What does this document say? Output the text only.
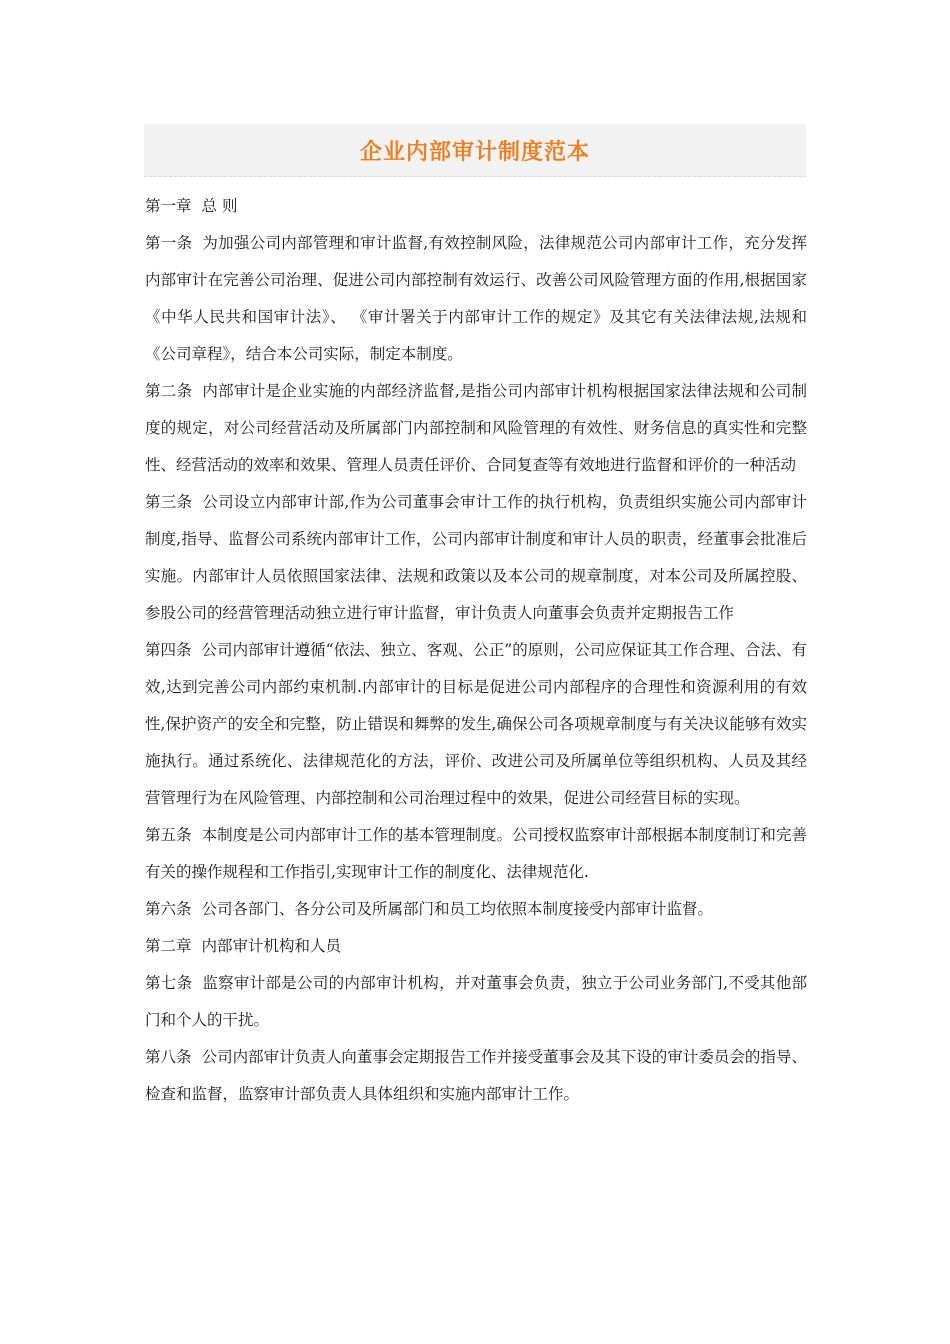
企业内部审计制度范本

第一章 总 则

第一条 为加强公司内部管理和审计监督,有效控制风险，法律规范公司内部审计工作，充分发挥内部审计在完善公司治理、促进公司内部控制有效运行、改善公司风险管理方面的作用,根据国家《中华人民共和国审计法》、 《审计署关于内部审计工作的规定》及其它有关法律法规,法规和《公司章程》，结合本公司实际，制定本制度。

第二条 内部审计是企业实施的内部经济监督,是指公司内部审计机构根据国家法律法规和公司制度的规定，对公司经营活动及所属部门内部控制和风险管理的有效性、财务信息的真实性和完整性、经营活动的效率和效果、管理人员责任评价、合同复查等有效地进行监督和评价的一种活动

第三条 公司设立内部审计部,作为公司董事会审计工作的执行机构，负责组织实施公司内部审计制度,指导、监督公司系统内部审计工作，公司内部审计制度和审计人员的职责，经董事会批准后实施。内部审计人员依照国家法律、法规和政策以及本公司的规章制度，对本公司及所属控股、参股公司的经营管理活动独立进行审计监督，审计负责人向董事会负责并定期报告工作

第四条 公司内部审计遵循“依法、独立、客观、公正”的原则，公司应保证其工作合理、合法、有效,达到完善公司内部约束机制.内部审计的目标是促进公司内部程序的合理性和资源利用的有效性,保护资产的安全和完整，防止错误和舞弊的发生,确保公司各项规章制度与有关决议能够有效实施执行。通过系统化、法律规范化的方法，评价、改进公司及所属单位等组织机构、人员及其经营管理行为在风险管理、内部控制和公司治理过程中的效果，促进公司经营目标的实现。

第五条 本制度是公司内部审计工作的基本管理制度。公司授权监察审计部根据本制度制订和完善有关的操作规程和工作指引,实现审计工作的制度化、法律规范化.

第六条 公司各部门、各分公司及所属部门和员工均依照本制度接受内部审计监督。

第二章 内部审计机构和人员

第七条 监察审计部是公司的内部审计机构，并对董事会负责，独立于公司业务部门,不受其他部门和个人的干扰。

第八条 公司内部审计负责人向董事会定期报告工作并接受董事会及其下设的审计委员会的指导、检查和监督，监察审计部负责人具体组织和实施内部审计工作。
